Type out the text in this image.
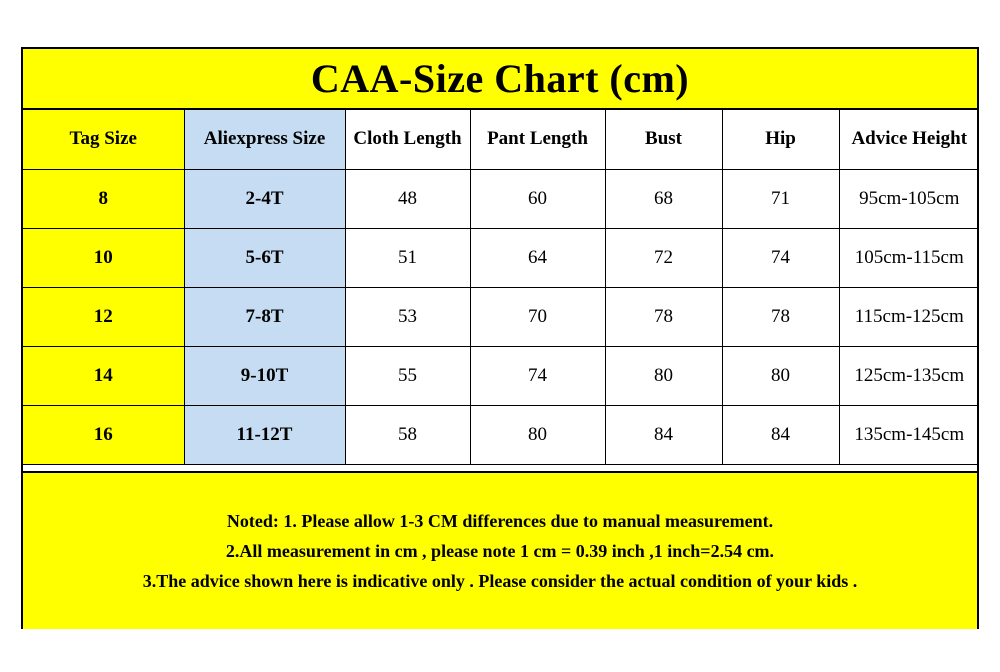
CAA-Size Chart (cm)
Tag Size	Aliexpress Size	Cloth Length	Pant Length	Bust	Hip	Advice Height
8	2-4T	48	60	68	71	95cm-105cm
10	5-6T	51	64	72	74	105cm-115cm
12	7-8T	53	70	78	78	115cm-125cm
14	9-10T	55	74	80	80	125cm-135cm
16	11-12T	58	80	84	84	135cm-145cm
Noted: 1. Please allow 1-3 CM differences due to manual measurement.
2.All measurement in cm , please note 1 cm = 0.39 inch ,1 inch=2.54 cm.
3.The advice shown here is indicative only . Please consider the actual condition of your kids .
